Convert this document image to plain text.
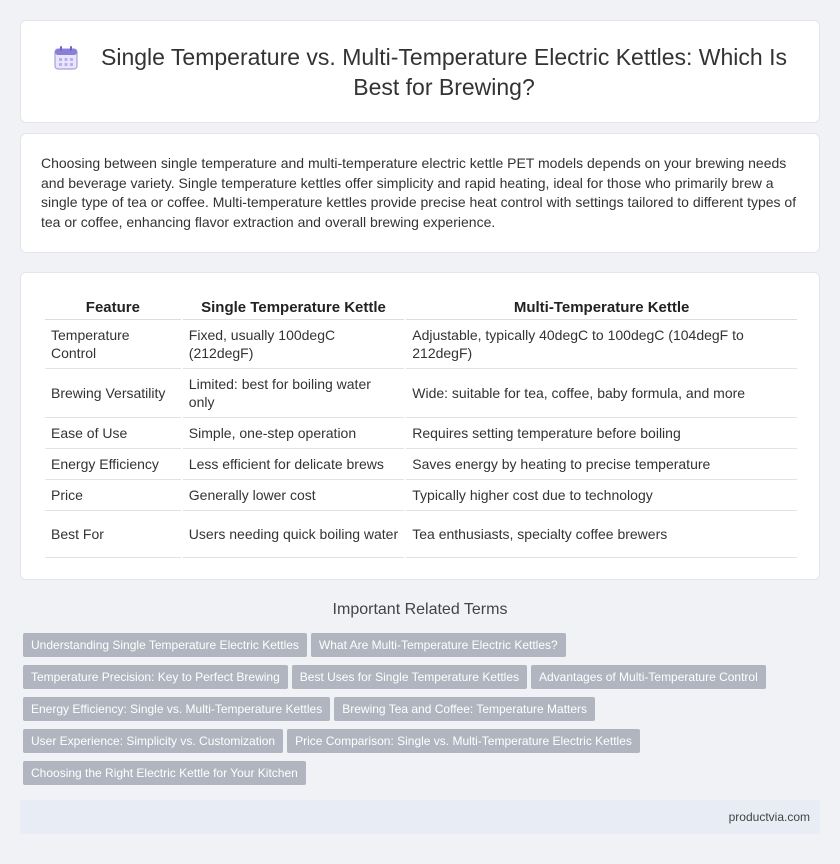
Single Temperature vs. Multi-Temperature Electric Kettles: Which Is Best for Brewing?

Choosing between single temperature and multi-temperature electric kettle PET models depends on your brewing needs and beverage variety. Single temperature kettles offer simplicity and rapid heating, ideal for those who primarily brew a single type of tea or coffee. Multi-temperature kettles provide precise heat control with settings tailored to different types of tea or coffee, enhancing flavor extraction and overall brewing experience.

Feature	Single Temperature Kettle	Multi-Temperature Kettle
Temperature Control	Fixed, usually 100degC (212degF)	Adjustable, typically 40degC to 100degC (104degF to 212degF)
Brewing Versatility	Limited: best for boiling water only	Wide: suitable for tea, coffee, baby formula, and more
Ease of Use	Simple, one-step operation	Requires setting temperature before boiling
Energy Efficiency	Less efficient for delicate brews	Saves energy by heating to precise temperature
Price	Generally lower cost	Typically higher cost due to technology
Best For	Users needing quick boiling water	Tea enthusiasts, specialty coffee brewers
Important Related Terms
Understanding Single Temperature Electric Kettles What Are Multi-Temperature Electric Kettles?
Temperature Precision: Key to Perfect Brewing Best Uses for Single Temperature Kettles Advantages of Multi-Temperature Control
Energy Efficiency: Single vs. Multi-Temperature Kettles Brewing Tea and Coffee: Temperature Matters
User Experience: Simplicity vs. Customization Price Comparison: Single vs. Multi-Temperature Electric Kettles
Choosing the Right Electric Kettle for Your Kitchen
productvia.com
